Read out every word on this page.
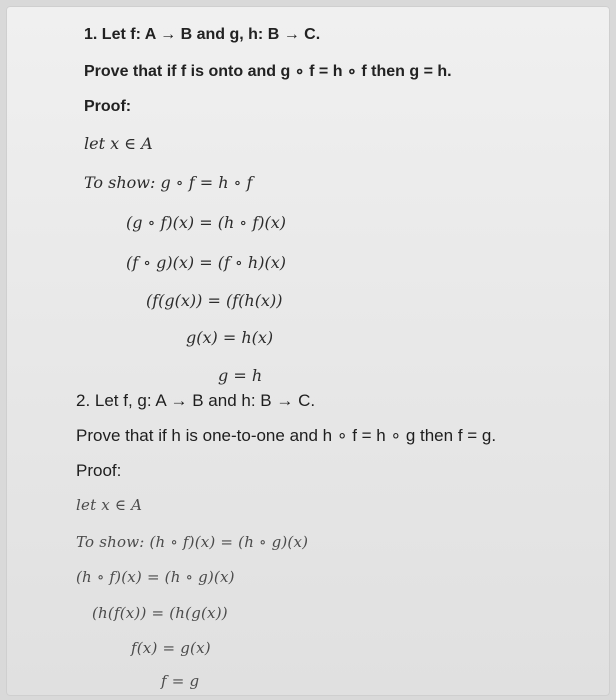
1. Let f: A → B and g, h: B → C.
Prove that if f is onto and g ∘ f = h ∘ f then g = h.
Proof:
let x ∈ A
To show: g ∘ f = h ∘ f
(g ∘ f)(x) = (h ∘ f)(x)
(f ∘ g)(x) = (f ∘ h)(x)
(f(g(x)) = (f(h(x))
g(x) = h(x)
g = h
2. Let f, g: A → B and h: B → C.
Prove that if h is one-to-one and h ∘ f = h ∘ g then f = g.
Proof:
let x ∈ A
To show: (h ∘ f)(x) = (h ∘ g)(x)
(h ∘ f)(x) = (h ∘ g)(x)
(h(f(x)) = (h(g(x))
f(x) = g(x)
f = g
